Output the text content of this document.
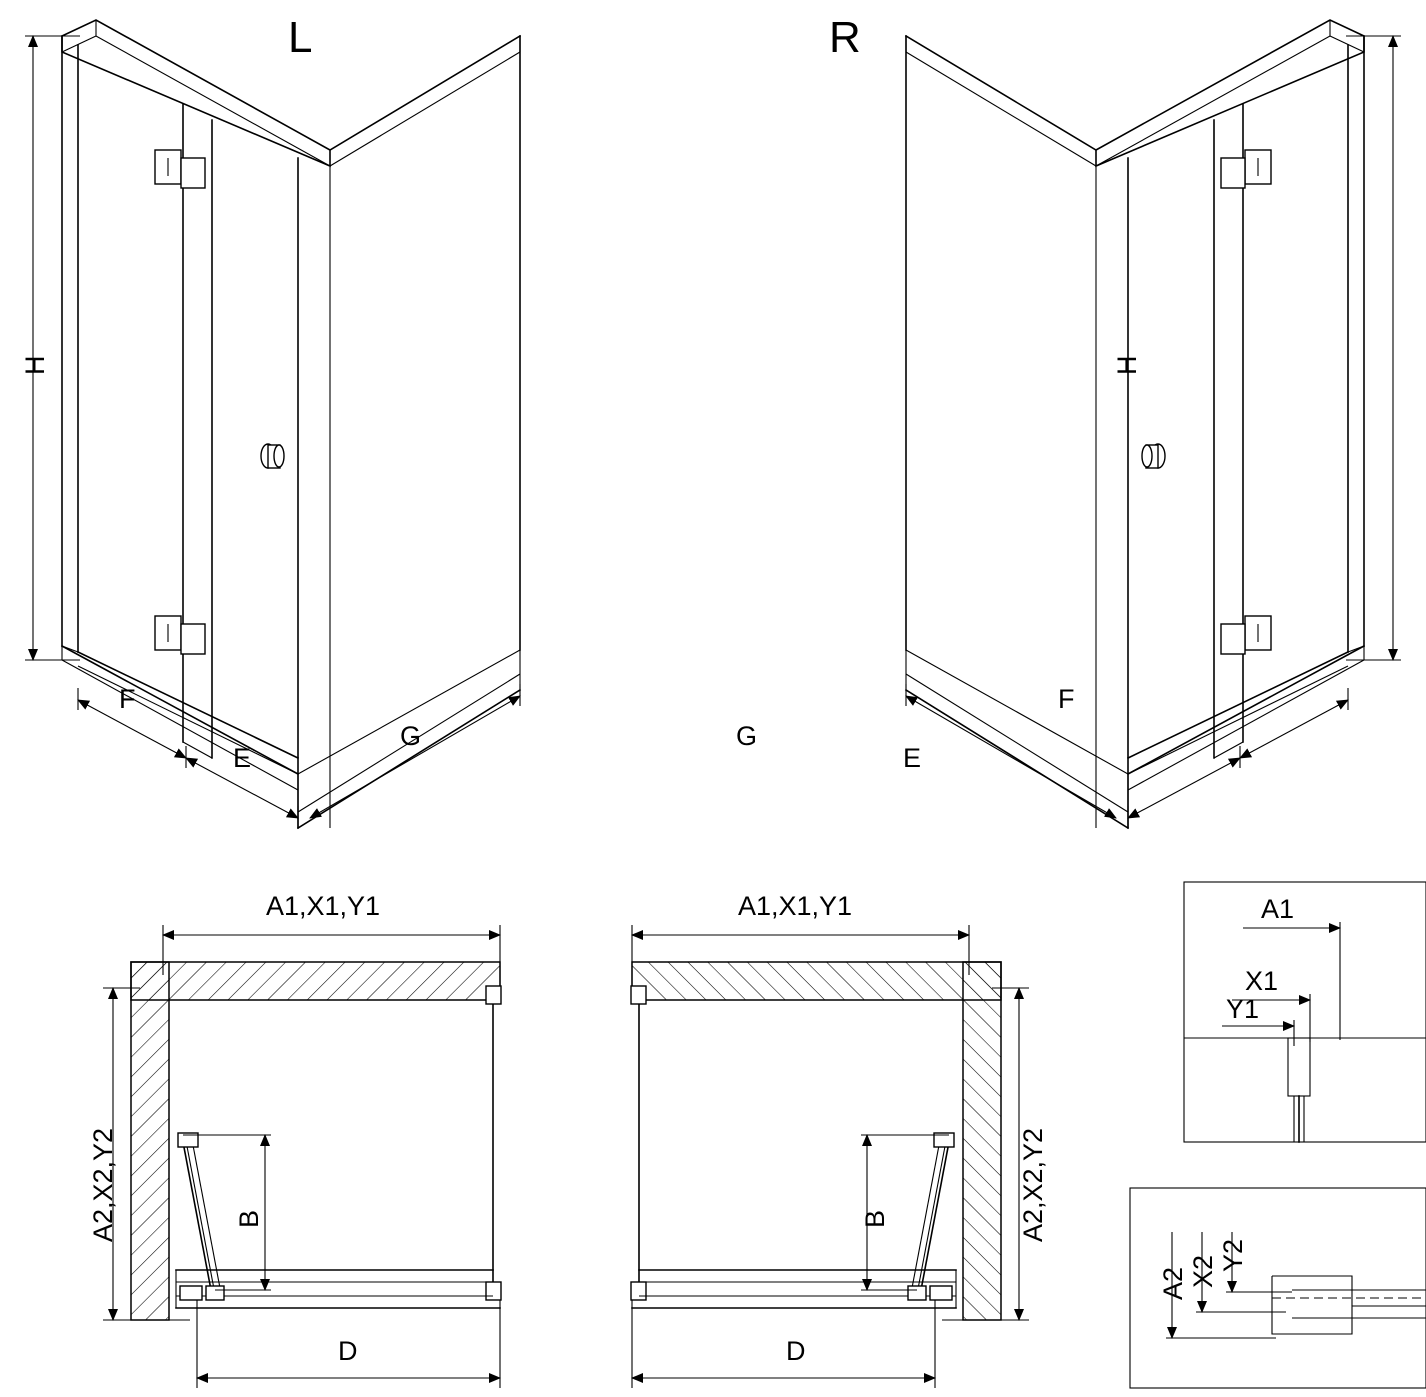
L	R
H	H
F
E
G
F
E
G
A1,X1,Y1
A2,X2,Y2	B
D
A1,X1,Y1
A2,X2,Y2
B
D
A1
X1
Y1
A2 X2 Y2
